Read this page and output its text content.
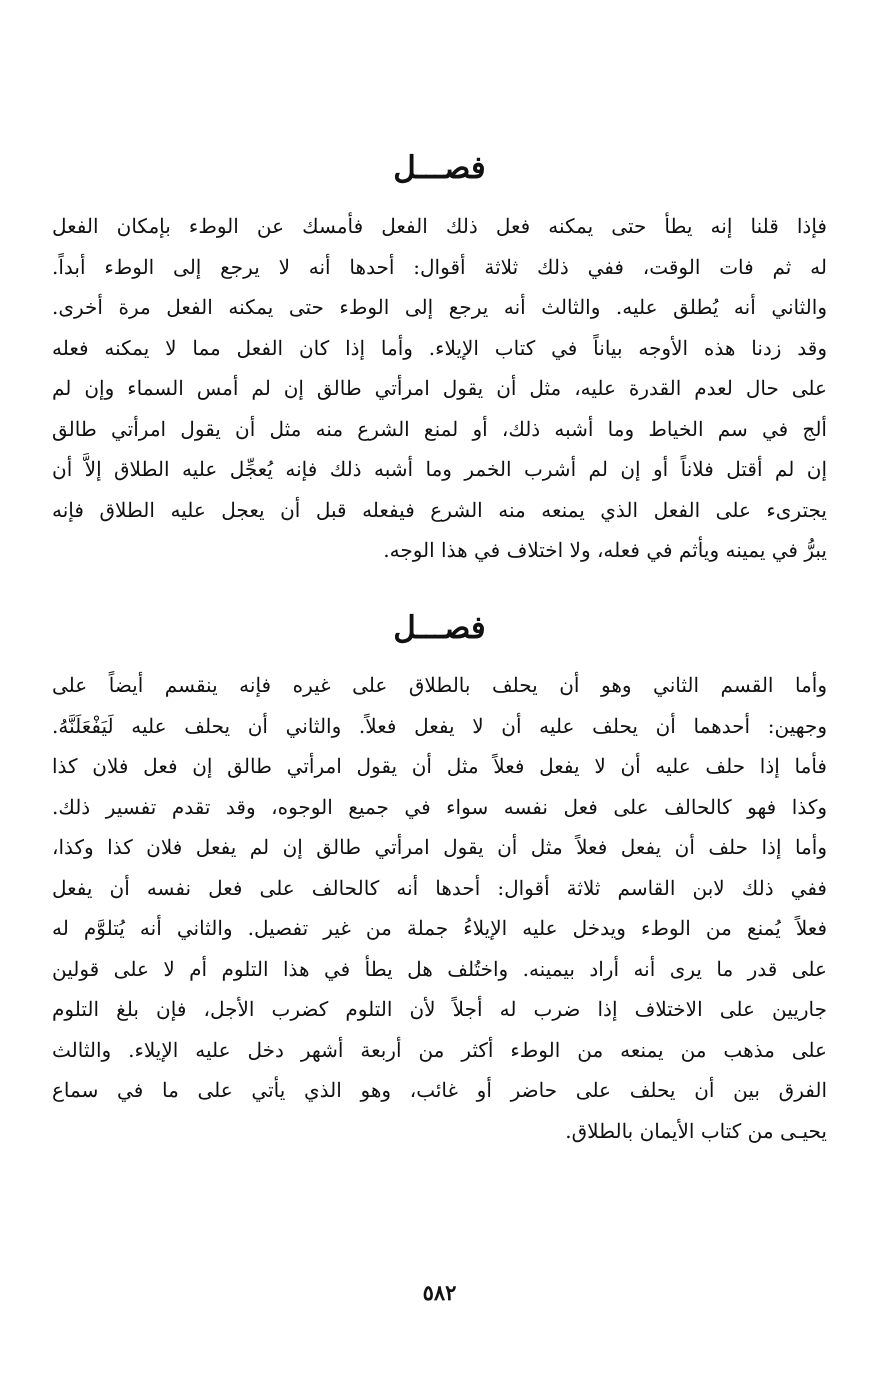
فصـــل
فإذا قلنا إنه يطأ حتى يمكنه فعل ذلك الفعل فأمسك عن الوطء بإمكان الفعل
له ثم فات الوقت، ففي ذلك ثلاثة أقوال: أحدها أنه لا يرجع إلى الوطء أبداً.
والثاني أنه يُطلق عليه. والثالث أنه يرجع إلى الوطء حتى يمكنه الفعل مرة أخرى.
وقد زدنا هذه الأوجه بياناً في كتاب الإيلاء. وأما إذا كان الفعل مما لا يمكنه فعله
على حال لعدم القدرة عليه، مثل أن يقول امرأتي طالق إن لم أمس السماء وإن لم
ألج في سم الخياط وما أشبه ذلك، أو لمنع الشرع منه مثل أن يقول امرأتي طالق
إن لم أقتل فلاناً أو إن لم أشرب الخمر وما أشبه ذلك فإنه يُعجِّل عليه الطلاق إلاَّ أن
يجترىء على الفعل الذي يمنعه منه الشرع فيفعله قبل أن يعجل عليه الطلاق فإنه
يبرُّ في يمينه ويأثم في فعله، ولا اختلاف في هذا الوجه.
فصـــل
وأما القسم الثاني وهو أن يحلف بالطلاق على غيره فإنه ينقسم أيضاً على
وجهين: أحدهما أن يحلف عليه أن لا يفعل فعلاً. والثاني أن يحلف عليه لَيَفْعَلَنَّهُ.
فأما إذا حلف عليه أن لا يفعل فعلاً مثل أن يقول امرأتي طالق إن فعل فلان كذا
وكذا فهو كالحالف على فعل نفسه سواء في جميع الوجوه، وقد تقدم تفسير ذلك.
وأما إذا حلف أن يفعل فعلاً مثل أن يقول امرأتي طالق إن لم يفعل فلان كذا وكذا،
ففي ذلك لابن القاسم ثلاثة أقوال: أحدها أنه كالحالف على فعل نفسه أن يفعل
فعلاً يُمنع من الوطء ويدخل عليه الإيلاءُ جملة من غير تفصيل. والثاني أنه يُتلوَّم له
على قدر ما يرى أنه أراد بيمينه. واختُلف هل يطأ في هذا التلوم أم لا على قولين
جاريين على الاختلاف إذا ضرب له أجلاً لأن التلوم كضرب الأجل، فإن بلغ التلوم
على مذهب من يمنعه من الوطء أكثر من أربعة أشهر دخل عليه الإيلاء. والثالث
الفرق بين أن يحلف على حاضر أو غائب، وهو الذي يأتي على ما في سماع
يحيـى من كتاب الأيمان بالطلاق.
٥٨٢
